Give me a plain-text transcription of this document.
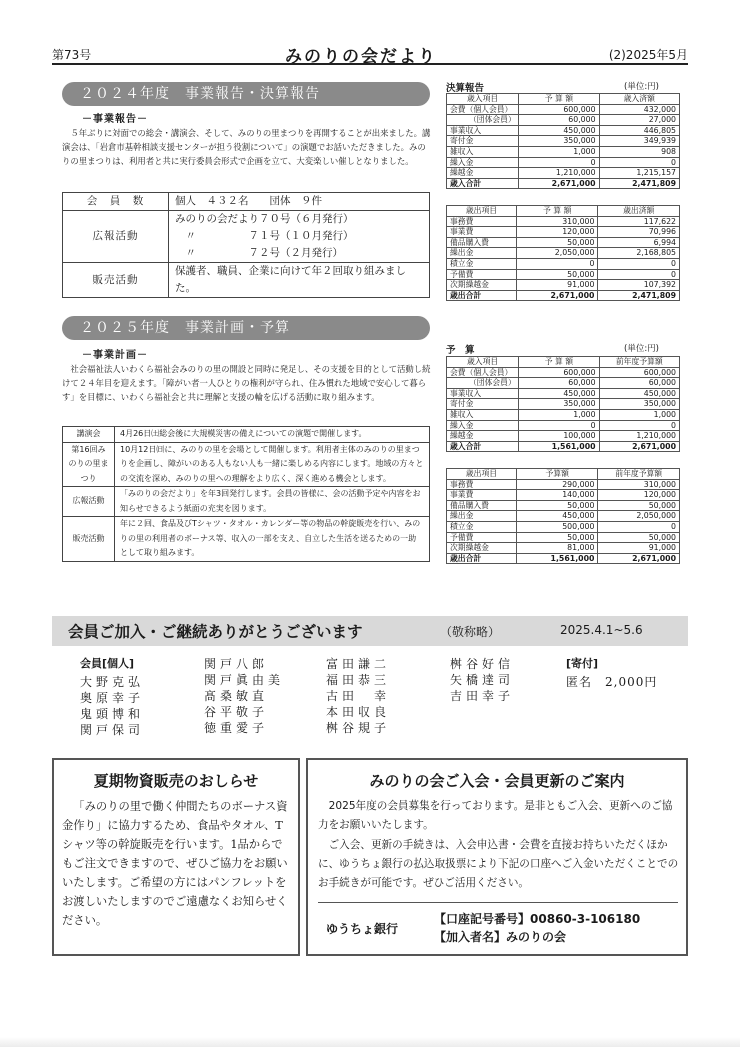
第73号	みのりの会だより	(2)2025年5月
２０２４年度　事業報告・決算報告
－事業報告－

５年ぶりに対面での総会・講演会、そして、みのりの里まつりを再開することが出来ました。講演会は、「岩倉市基幹相談支援センターが担う役割について」の演題でお話いただきました。みのりの里まつりは、利用者と共に実行委員会形式で企画を立て、大変楽しい催しとなりました。

会　員　数	個人　４３２名　　団体　９件
広報活動	みのりの会だより７０号（６月発行）
　〃　　　　　７１号（１０月発行）
　〃　　　　　７２号（２月発行）

販売活動	保護者、職員、企業に向けて年２回取り組みました。
２０２５年度　事業計画・予算
－事業計画－

社会福祉法人いわくら福祉会みのりの里の開設と同時に発足し、その支援を目的として活動し続けて２４年目を迎えます。「障がい者一人ひとりの権利が守られ、住み慣れた地域で安心して暮らす」を目標に、いわくら福祉会と共に理解と支援の輪を広げる活動に取り組みます。

講演会	4月26日㈯総会後に大規模災害の備えについての演題で開催します。
第16回みのりの里まつり	10月12日㈰に、みのりの里を会場として開催します。利用者主体のみのりの里まつりを企画し、障がいのある人もない人も一緒に楽しめる内容にします。地域の方々との交流を深め、みのりの里への理解をより広く、深く進める機会とします。
広報活動	「みのりの会だより」を年3回発行します。会員の皆様に、会の活動予定や内容をお知らせできるよう紙面の充実を図ります。
販売活動	年に２回、食品及びTシャツ・タオル・カレンダー等の物品の幹旋販売を行い、みのりの里の利用者のボーナス等、収入の一部を支え、自立した生活を送るための一助として取り組みます。
決算報告	(単位:円)
歳入項目	予 算 額	歳入済額
会費（個人会員）	600,000	432,000
（団体会員）	60,000	27,000
事業収入	450,000	446,805
寄付金	350,000	349,939
雑収入	1,000	908
繰入金	0	0
繰越金	1,210,000	1,215,157
歳入合計	2,671,000	2,471,809
歳出項目	予 算 額	歳出済額
事務費	310,000	117,622
事業費	120,000	70,996
備品購入費	50,000	6,994
繰出金	2,050,000	2,168,805
積立金	0	0
予備費	50,000	0
次期繰越金	91,000	107,392
歳出合計	2,671,000	2,471,809
予　算	(単位:円)
歳入項目	予 算 額	前年度予算額
会費（個人会員）	600,000	600,000
（団体会員）	60,000	60,000
事業収入	450,000	450,000
寄付金	350,000	350,000
雑収入	1,000	1,000
繰入金	0	0
繰越金	100,000	1,210,000
歳入合計	1,561,000	2,671,000
歳出項目	予算額	前年度予算額
事務費	290,000	310,000
事業費	140,000	120,000
備品購入費	50,000	50,000
繰出金	450,000	2,050,000
積立金	500,000	0
予備費	50,000	50,000
次期繰越金	81,000	91,000
歳出合計	1,561,000	2,671,000
会員ご加入・ご継続ありがとうございます	（敬称略）	2025.4.1~5.6
会員[個人]
大野克弘
奥原幸子
鬼頭博和
関戸保司
関戸八郎
関戸眞由美
髙桑敏直
谷平敬子
徳重愛子
富田謙二
福田恭三
古田　幸
本田収良
桝谷規子
桝谷好信
矢橋達司
吉田幸子
[寄付]
匿名　2,000円
夏期物資販売のおしらせ
「みのりの里で働く仲間たちのボーナス資金作り」に協力するため、食品やタオル、Tシャツ等の幹旋販売を行います。1品からでもご注文できますので、ぜひご協力をお願いいたします。ご希望の方にはパンフレットをお渡しいたしますのでご遠慮なくお知らせください。
みのりの会ご入会・会員更新のご案内
2025年度の会員募集を行っております。是非ともご入会、更新へのご協力をお願いいたします。
ご入会、更新の手続きは、入会申込書・会費を直接お持ちいただくほかに、ゆうちょ銀行の払込取扱票により下記の口座へご入金いただくことでのお手続きが可能です。ぜひご活用ください。
ゆうちょ銀行
【口座記号番号】00860-3-106180
【加入者名】みのりの会
